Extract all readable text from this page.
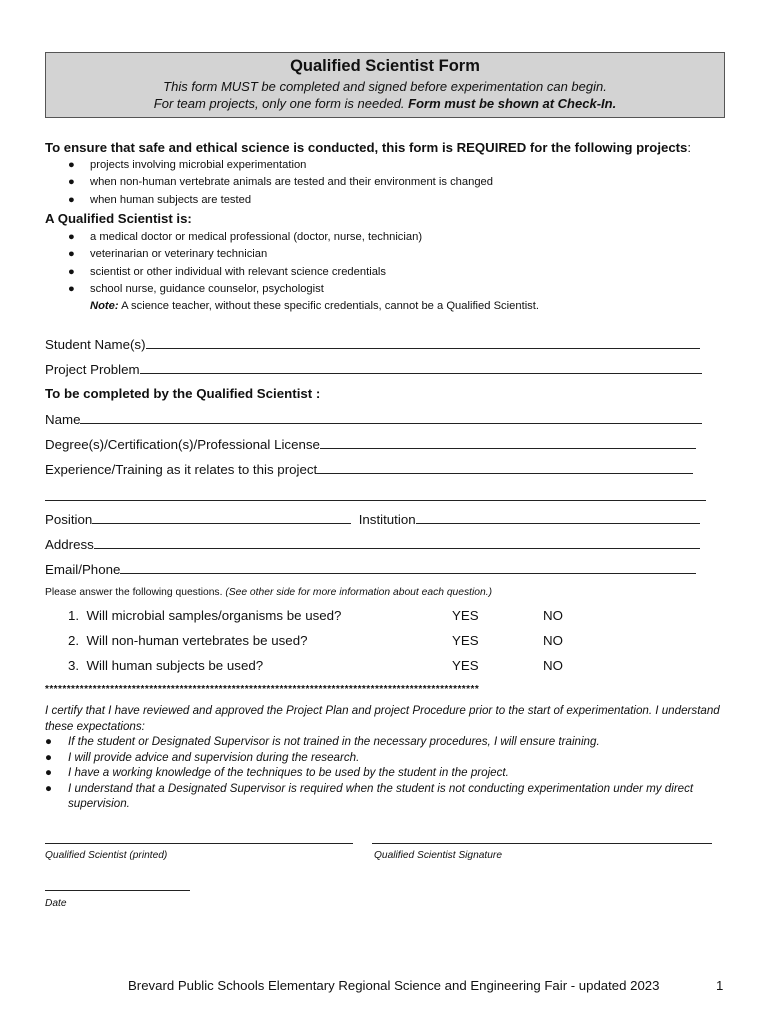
Qualified Scientist Form
This form MUST be completed and signed before experimentation can begin.
For team projects, only one form is needed. Form must be shown at Check-In.
To ensure that safe and ethical science is conducted, this form is REQUIRED for the following projects:
● projects involving microbial experimentation
● when non-human vertebrate animals are tested and their environment is changed
● when human subjects are tested
A Qualified Scientist is:
● a medical doctor or medical professional (doctor, nurse, technician)
● veterinarian or veterinary technician
● scientist or other individual with relevant science credentials
● school nurse, guidance counselor, psychologist
Note: A science teacher, without these specific credentials, cannot be a Qualified Scientist.
Student Name(s)
Project Problem
To be completed by the Qualified Scientist :
Name
Degree(s)/Certification(s)/Professional License
Experience/Training as it relates to this project
Position	Institution
Address
Email/Phone
Please answer the following questions. (See other side for more information about each question.)
1. Will microbial samples/organisms be used?	YES	NO
2. Will non-human vertebrates be used?	YES	NO
3. Will human subjects be used?	YES	NO
****************************************************************************************************
I certify that I have reviewed and approved the Project Plan and project Procedure prior to the start of experimentation. I understand these expectations:
●	If the student or Designated Supervisor is not trained in the necessary procedures, I will ensure training.
●	I will provide advice and supervision during the research.
●	I have a working knowledge of the techniques to be used by the student in the project.
●	I understand that a Designated Supervisor is required when the student is not conducting experimentation under my direct supervision.
Qualified Scientist (printed)	Qualified Scientist Signature
Date
Brevard Public Schools Elementary Regional Science and Engineering Fair - updated 2023	1
